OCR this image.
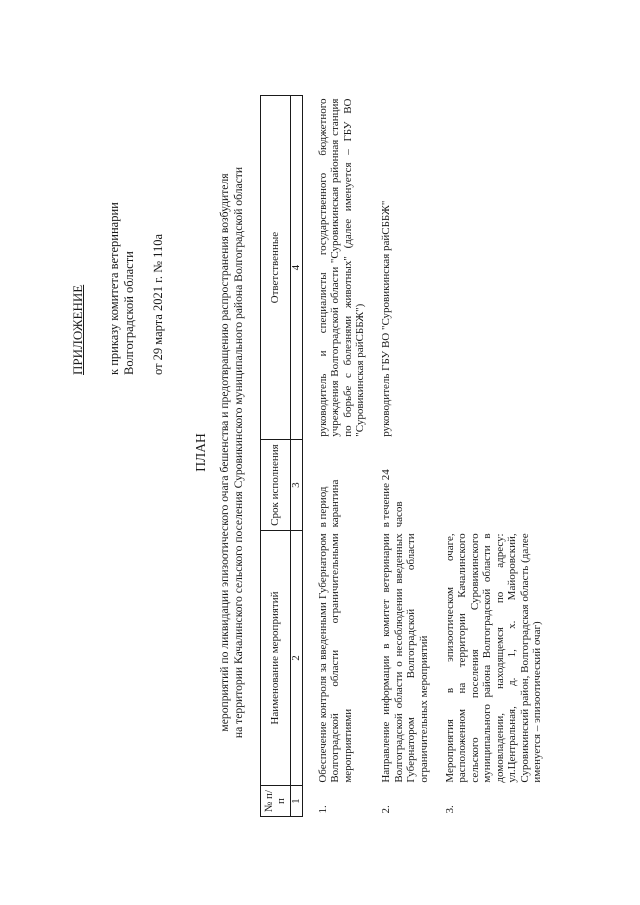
ПРИЛОЖЕНИЕ к приказу комитета ветеринарии Волгоградской области от 29 марта 2021 г. № 110а
ПЛАН мероприятий по ликвидации эпизоотического очага бешенства и предотвращению распространения возбудителя на территории Качалинского сельского поселения Суровикинского муниципального района Волгоградской области
№ п/п	Наименование мероприятий	Срок исполнения	Ответственные
1	2	3	4
1.	Обеспечение контроля за введенными Губернатором Волгоградской области ограничительными мероприятиями	в период карантина	руководитель и специалисты государственного бюджетного учреждения Волгоградской области "Суровикинская районная станция по борьбе с болезнями животных" (далее именуется – ГБУ ВО "Суровикинская райСББЖ")
2.	Направление информации в комитет ветеринарии Волгоградской области о несоблюдении введенных Губернатором Волгоградской области ограничительных мероприятий	в течение 24 часов	руководитель ГБУ ВО "Суровикинская райСББЖ"
3.	Мероприятия в эпизоотическом очаге, расположенном на территории Качалинского сельского поселения Суровикинского муниципального района Волгоградской области в домовладении, находящемся по адресу: ул.Центральная, д. 1, х. Майоровский, Суровикинский район, Волгоградская область (далее именуется – эпизоотический очаг)		
